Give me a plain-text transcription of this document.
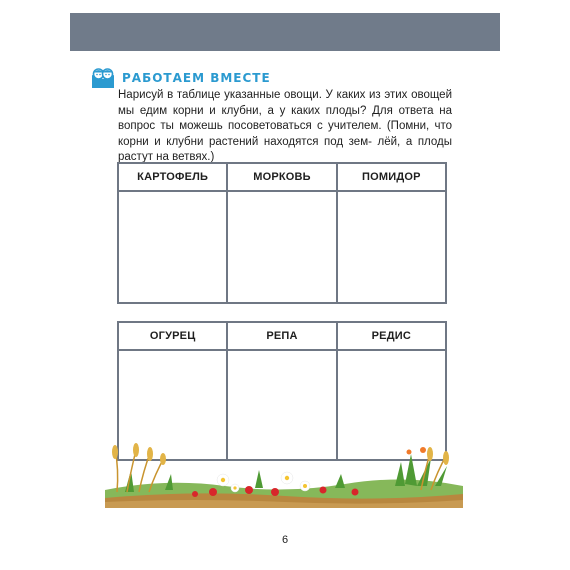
РАБОТАЕМ ВМЕСТЕ

Нарисуй в таблице указанные овощи. У каких из этих овощей мы едим корни и клубни, а у каких плоды? Для ответа на вопрос ты можешь посоветоваться с учителем. (Помни, что корни и клубни растений находятся под зем- лёй, а плоды растут на ветвях.)

КАРТОФЕЛЬ	МОРКОВЬ	ПОМИДОР
ОГУРЕЦ	РЕПА	РЕДИС
6
